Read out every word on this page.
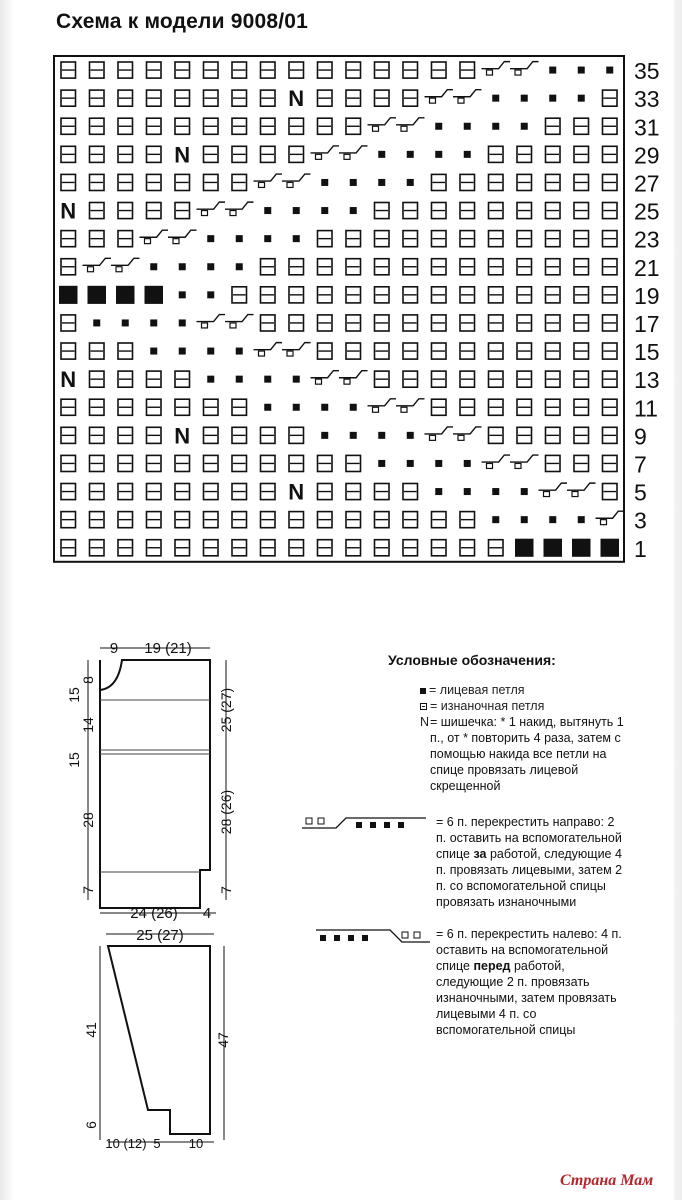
Схема к модели 9008/01
N
N
N
N
N
N
35
33
31
29
27
25
23
21
19
17
15
13
11
9
7
5
3
1
9 19 (21)
15
8
14
15
28
7
25 (27)
28 (26)
7
24 (26) 4
25 (27)
41
6
47
10 (12) 5 10
Условные обозначения:
= лицевая петля
= изнаночная петля
N = шишечка: * 1 накид, вытянуть 1 п., от * повторить 4 раза, затем с помощью накида все петли на спице провязать лицевой скрещенной
= 6 п. перекрестить направо: 2 п. оставить на вспомогательной спице за работой, следующие 4 п. провязать лицевыми, затем 2 п. со вспомогательной спицы провязать изнаночными
= 6 п. перекрестить налево: 4 п. оставить на вспомогательной спице перед работой, следующие 2 п. провязать изнаночными, затем провязать лицевыми 4 п. со вспомогательной спицы
Страна Мам
